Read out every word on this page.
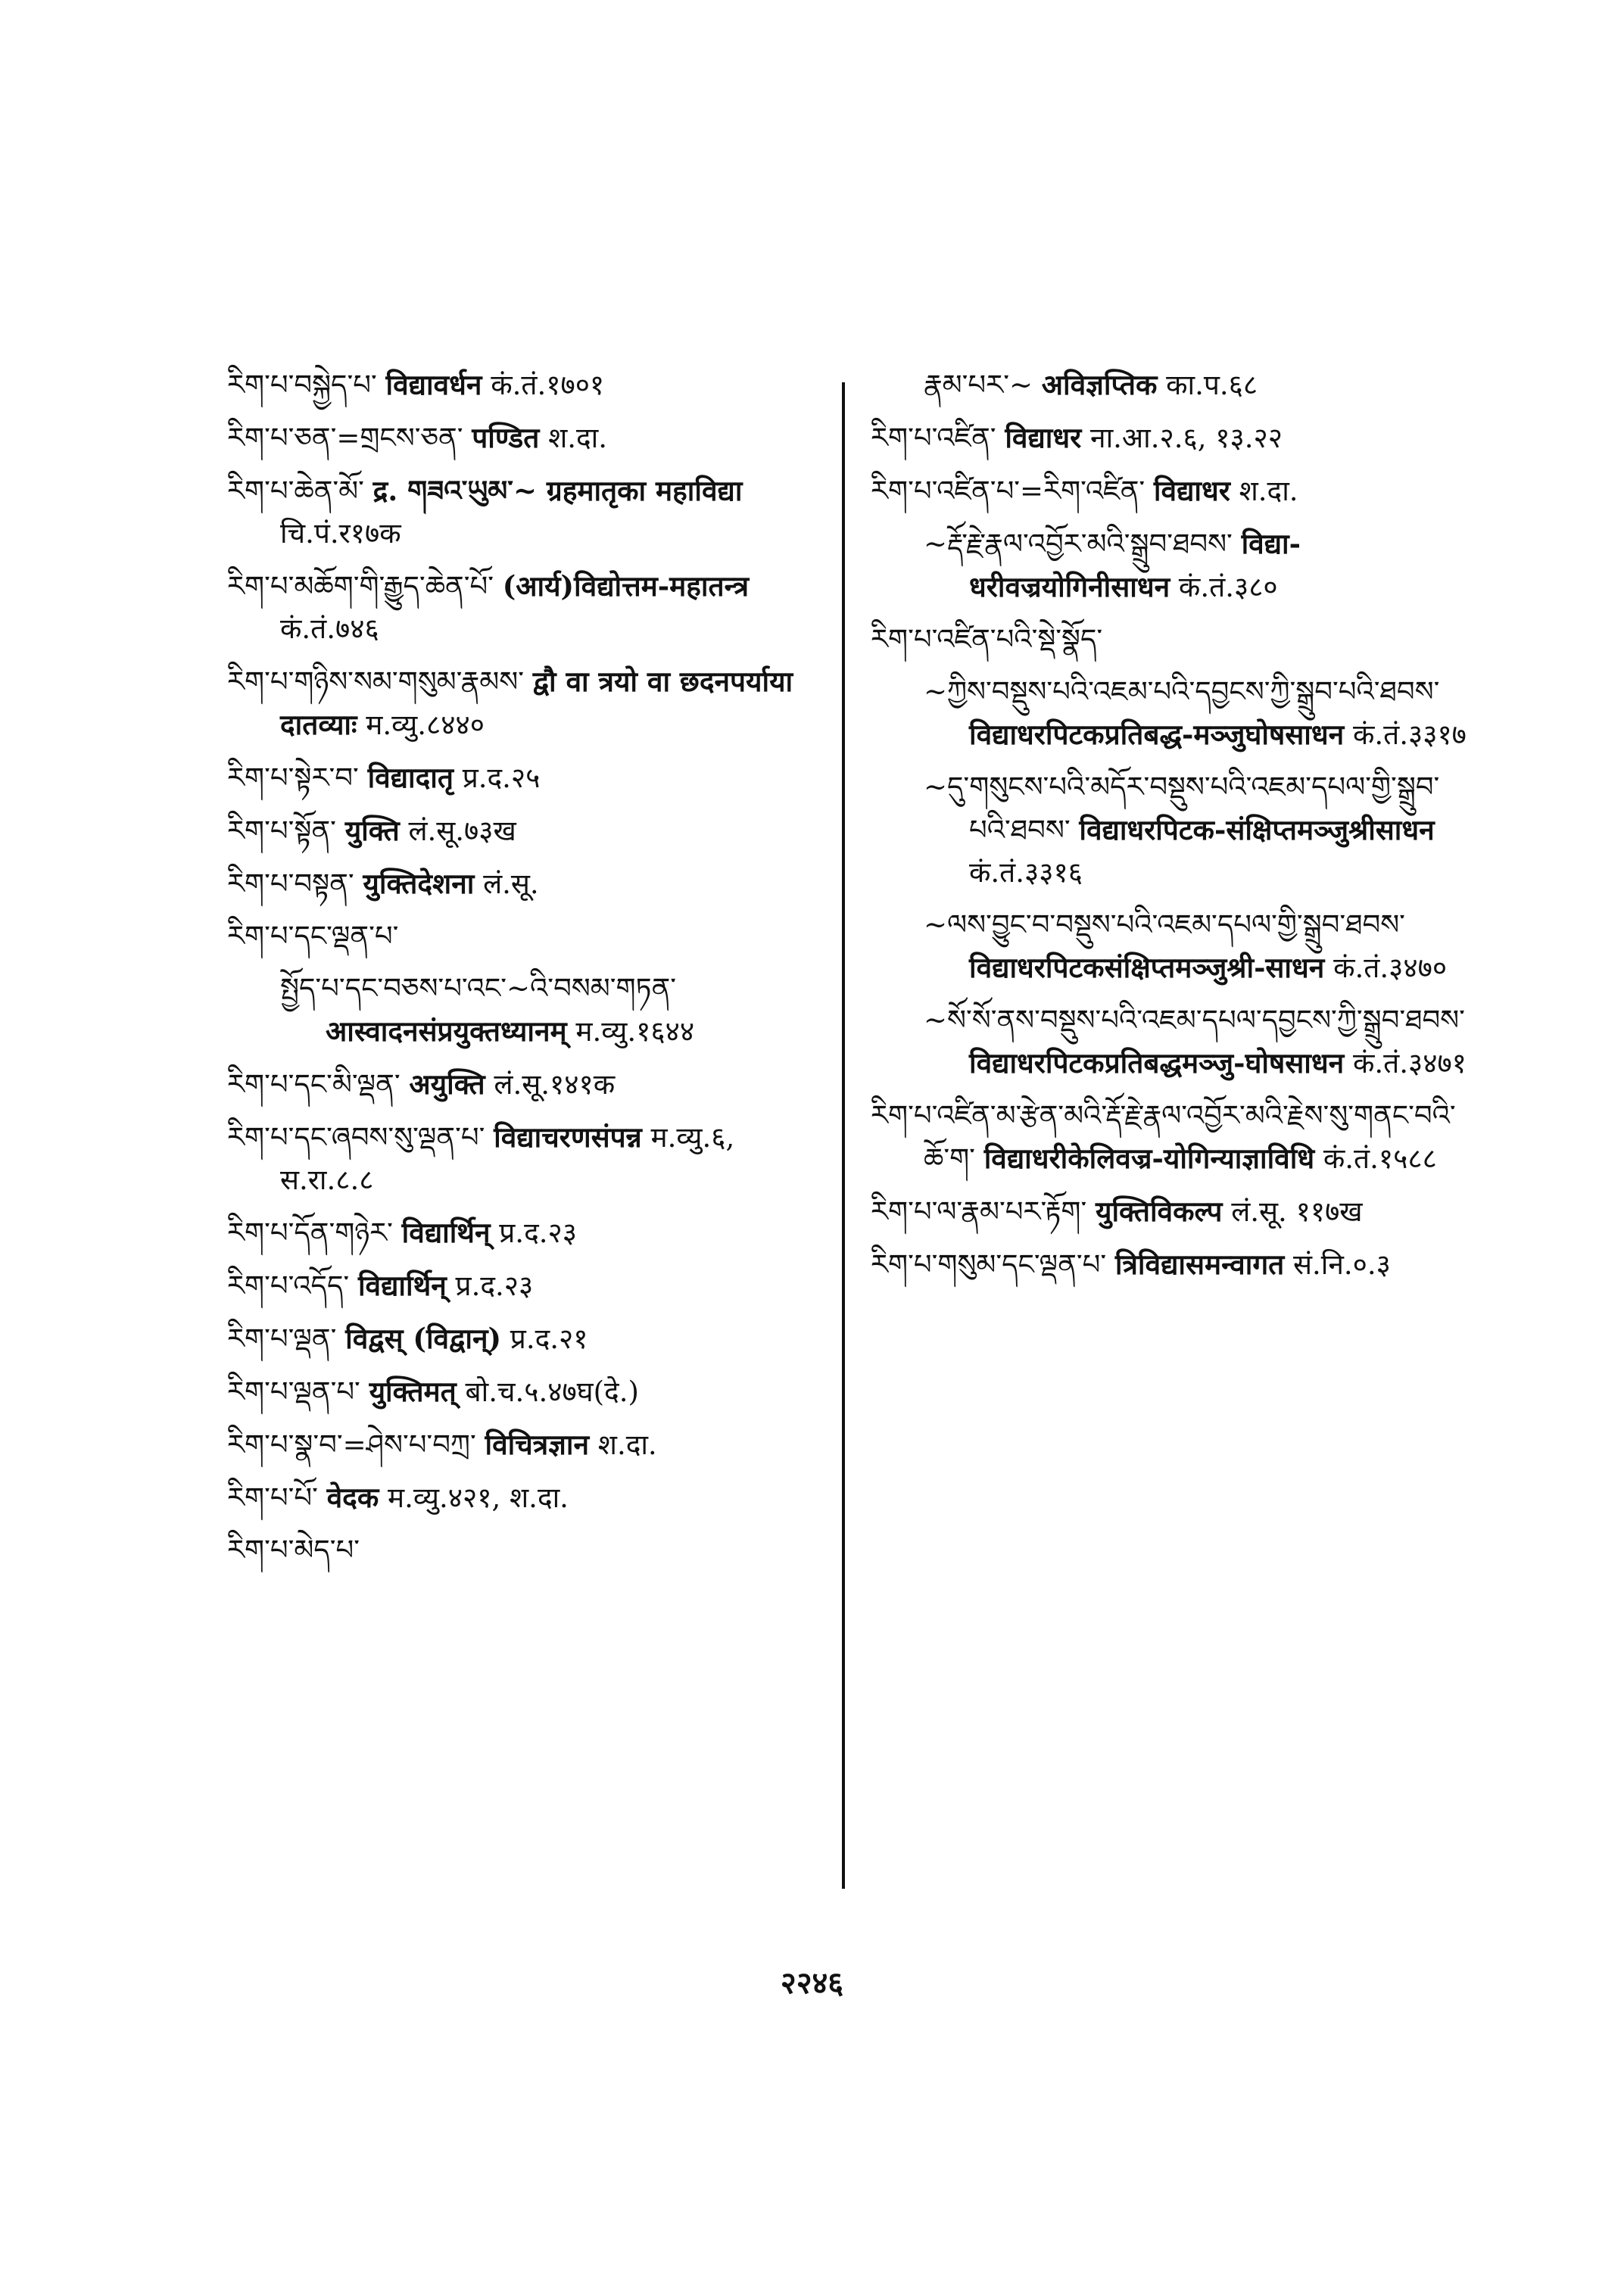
རིག་པ་བསྐྱེད་པ་ विद्यावर्धन कं.तं.१७०१
རིག་པ་ཅན་=གྲངས་ཅན་ पण्डित श.दा.
རིག་པ་ཆེན་མོ་ द्र. གཟའ་ཡུམ་~ ग्रहमातृका महाविद्या चि.पं.र१७क
རིག་པ་མཆོག་གི་རྒྱུད་ཆེན་པོ་ (आर्य)विद्योत्तम-महातन्त्र कं.तं.७४६
རིག་པ་གཉིས་སམ་གསུམ་རྣམས་ द्वौ वा त्रयो वा छदनपर्याया दातव्याः म.व्यु.८४४०
རིག་པ་སྟེར་བ་ विद्यादातृ प्र.द.२५
རིག་པ་སྟོན་ युक्ति लं.सू.७३ख
རིག་པ་བསྟན་ युक्तिदेशना लं.सू.
རིག་པ་དང་ལྡན་པ་
སྤྱོད་པ་དང་བཅས་པ་འང་~འི་བསམ་གཏན་ आस्वादनसंप्रयुक्तध्यानम् म.व्यु.१६४४
རིག་པ་དང་མི་ལྡན་ अयुक्ति लं.सू.१४१क
རིག་པ་དང་ཞབས་སུ་ལྡན་པ་ विद्याचरणसंपन्न म.व्यु.६, स.रा.८.८
རིག་པ་དོན་གཉེར་ विद्यार्थिन् प्र.द.२३
རིག་པ་འདོད་ विद्यार्थिन् प्र.द.२३
རིག་པ་ལྡན་ विद्वस् (विद्वान्) प्र.द.२१
རིག་པ་ལྡན་པ་ युक्तिमत् बो.च.५.४७घ(दे.)
རིག་པ་སྣ་བ་=ཤེས་པ་བཀྲ་ विचित्रज्ञान श.दा.
རིག་པ་པོ་ वेदक म.व्यु.४२१, श.दा.
རིག་པ་མེད་པ་
རྣམ་པར་~ अविज्ञप्तिक का.प.६८
རིག་པ་འཛིན་ विद्याधर ना.आ.२.६, १३.२२
རིག་པ་འཛིན་པ་=རིག་འཛིན་ विद्याधर श.दा.
~རྡོ་རྗེ་རྣལ་འབྱོར་མའི་སྒྲུབ་ཐབས་ विद्या-धरीवज्रयोगिनीसाधन कं.तं.३८०
རིག་པ་འཛིན་པའི་སྡེ་སྣོད་
~ཀྱིས་བསྡུས་པའི་འཇམ་པའི་དབྱངས་ཀྱི་སྒྲུབ་པའི་ཐབས་ विद्याधरपिटकप्रतिबद्ध-मञ्जुघोषसाधन कं.तं.३३१७
~དུ་གསུངས་པའི་མདོར་བསྡུས་པའི་འཇམ་དཔལ་གྱི་སྒྲུབ་པའི་ཐབས་ विद्याधरपिटक-संक्षिप्तमञ्जुश्रीसाधन कं.तं.३३१६
~ལས་བྱུང་བ་བསྡུས་པའི་འཇམ་དཔལ་གྱི་སྒྲུབ་ཐབས་ विद्याधरपिटकसंक्षिप्तमञ्जुश्री-साधन कं.तं.३४७०
~སོ་སོ་ནས་བསྡུས་པའི་འཇམ་དཔལ་དབྱངས་ཀྱི་སྒྲུབ་ཐབས་ विद्याधरपिटकप्रतिबद्धमञ्जु-घोषसाधन कं.तं.३४७१
རིག་པ་འཛིན་མ་རྩེན་མའི་རྡོ་རྗེ་རྣལ་འབྱོར་མའི་རྗེས་སུ་གནང་བའི་ཆོ་ག་ विद्याधरीकेलिवज्र-योगिन्याज्ञाविधि कं.तं.१५८८
རིག་པ་ལ་རྣམ་པར་རྟོག་ युक्तिविकल्प लं.सू. ११७ख
རིག་པ་གསུམ་དང་ལྡན་པ་ त्रिविद्यासमन्वागत सं.नि.०.३
२२४६
